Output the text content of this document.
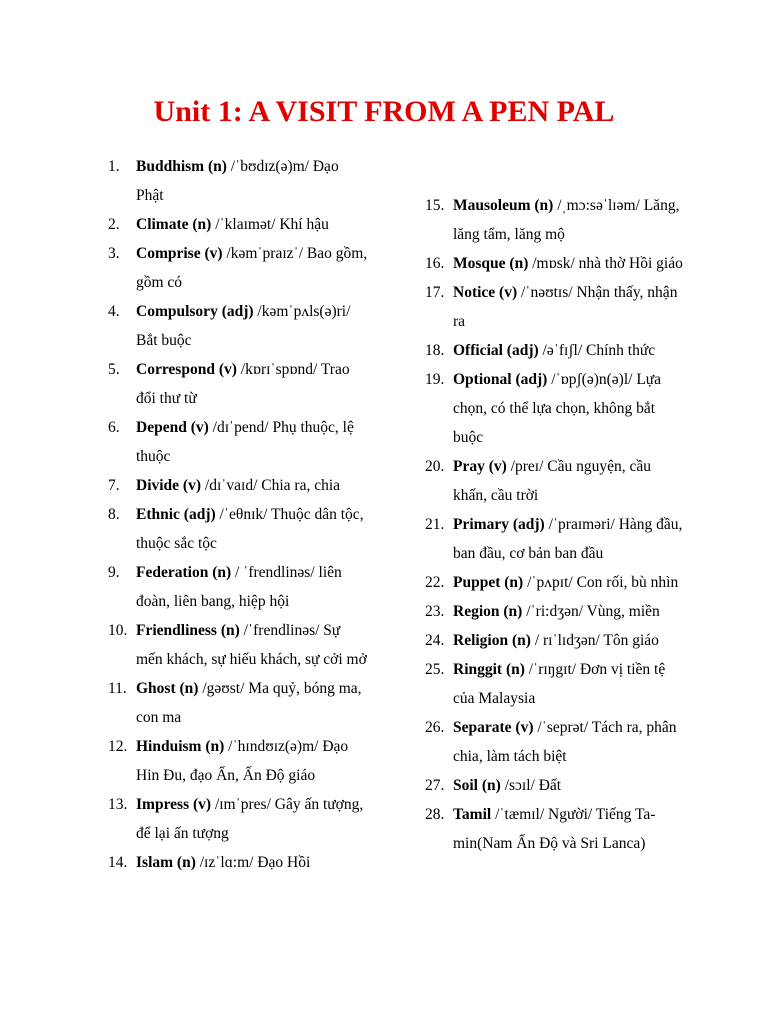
Unit 1: A VISIT FROM A PEN PAL
1.	Buddhism (n) /ˈbʊdɪz(ə)m/ Đạo Phật
2.	Climate (n) /ˈklaɪmət/ Khí hậu
3.	Comprise (v) /kəmˈpraɪzˈ/ Bao gồm, gồm có
4.	Compulsory (adj) /kəmˈpʌls(ə)ri/ Bắt buộc
5.	Correspond (v) /kɒrɪˈspɒnd/ Trao đổi thư từ
6.	Depend (v) /dɪˈpend/ Phụ thuộc, lệ thuộc
7.	Divide (v) /dɪˈvaɪd/ Chia ra, chia
8.	Ethnic (adj) /ˈeθnɪk/ Thuộc dân tộc, thuộc sắc tộc
9.	Federation (n) / ˈfrendlinəs/ liên đoàn, liên bang, hiệp hội
10. Friendliness (n) /ˈfrendlinəs/ Sự mến khách, sự hiếu khách, sự cởi mở
11. Ghost (n) /gəʊst/ Ma quỷ, bóng ma, con ma
12. Hinduism (n) /ˈhɪndʊɪz(ə)m/ Đạo Hin Đu, đạo Ấn, Ấn Độ giáo
13. Impress (v) /ɪmˈpres/ Gây ấn tượng, để lại ấn tượng
14. Islam (n) /ɪzˈlɑ:m/ Đạo Hồi
15. Mausoleum (n) /ˌmɔ:səˈlɪəm/ Lăng, lăng tẩm, lăng mộ
16. Mosque (n) /mɒsk/ nhà thờ Hồi giáo
17. Notice (v) /ˈnəʊtɪs/ Nhận thấy, nhận ra
18. Official (adj) /əˈfɪʃl/ Chính thức
19. Optional (adj) /ˈɒpʃ(ə)n(ə)l/ Lựa chọn, có thể lựa chọn, không bắt buộc
20. Pray (v) /preɪ/ Cầu nguyện, cầu khấn, cầu trời
21. Primary (adj) /ˈpraɪməri/ Hàng đầu, ban đầu, cơ bản ban đầu
22. Puppet (n) /ˈpʌpɪt/ Con rối, bù nhìn
23. Region (n) /ˈri:dʒən/ Vùng, miền
24. Religion (n) / rɪˈlɪdʒən/ Tôn giáo
25. Ringgit (n) /ˈrɪŋgɪt/ Đơn vị tiền tệ của Malaysia
26. Separate (v) /ˈseprət/ Tách ra, phân chia, làm tách biệt
27. Soil (n) /sɔɪl/ Đất
28. Tamil /ˈtæmɪl/ Người/ Tiếng Ta-min(Nam Ấn Độ và Sri Lanca)
